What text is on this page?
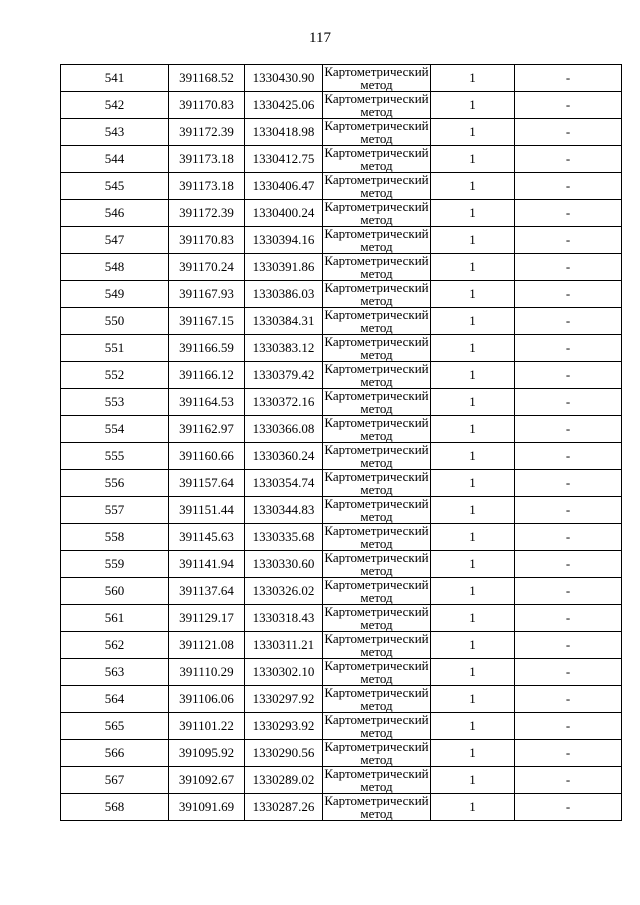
117
541	391168.52	1330430.90	Картометрический
метод	1	-
542	391170.83	1330425.06	Картометрический
метод	1	-
543	391172.39	1330418.98	Картометрический
метод	1	-
544	391173.18	1330412.75	Картометрический
метод	1	-
545	391173.18	1330406.47	Картометрический
метод	1	-
546	391172.39	1330400.24	Картометрический
метод	1	-
547	391170.83	1330394.16	Картометрический
метод	1	-
548	391170.24	1330391.86	Картометрический
метод	1	-
549	391167.93	1330386.03	Картометрический
метод	1	-
550	391167.15	1330384.31	Картометрический
метод	1	-
551	391166.59	1330383.12	Картометрический
метод	1	-
552	391166.12	1330379.42	Картометрический
метод	1	-
553	391164.53	1330372.16	Картометрический
метод	1	-
554	391162.97	1330366.08	Картометрический
метод	1	-
555	391160.66	1330360.24	Картометрический
метод	1	-
556	391157.64	1330354.74	Картометрический
метод	1	-
557	391151.44	1330344.83	Картометрический
метод	1	-
558	391145.63	1330335.68	Картометрический
метод	1	-
559	391141.94	1330330.60	Картометрический
метод	1	-
560	391137.64	1330326.02	Картометрический
метод	1	-
561	391129.17	1330318.43	Картометрический
метод	1	-
562	391121.08	1330311.21	Картометрический
метод	1	-
563	391110.29	1330302.10	Картометрический
метод	1	-
564	391106.06	1330297.92	Картометрический
метод	1	-
565	391101.22	1330293.92	Картометрический
метод	1	-
566	391095.92	1330290.56	Картометрический
метод	1	-
567	391092.67	1330289.02	Картометрический
метод	1	-
568	391091.69	1330287.26	Картометрический
метод	1	-
